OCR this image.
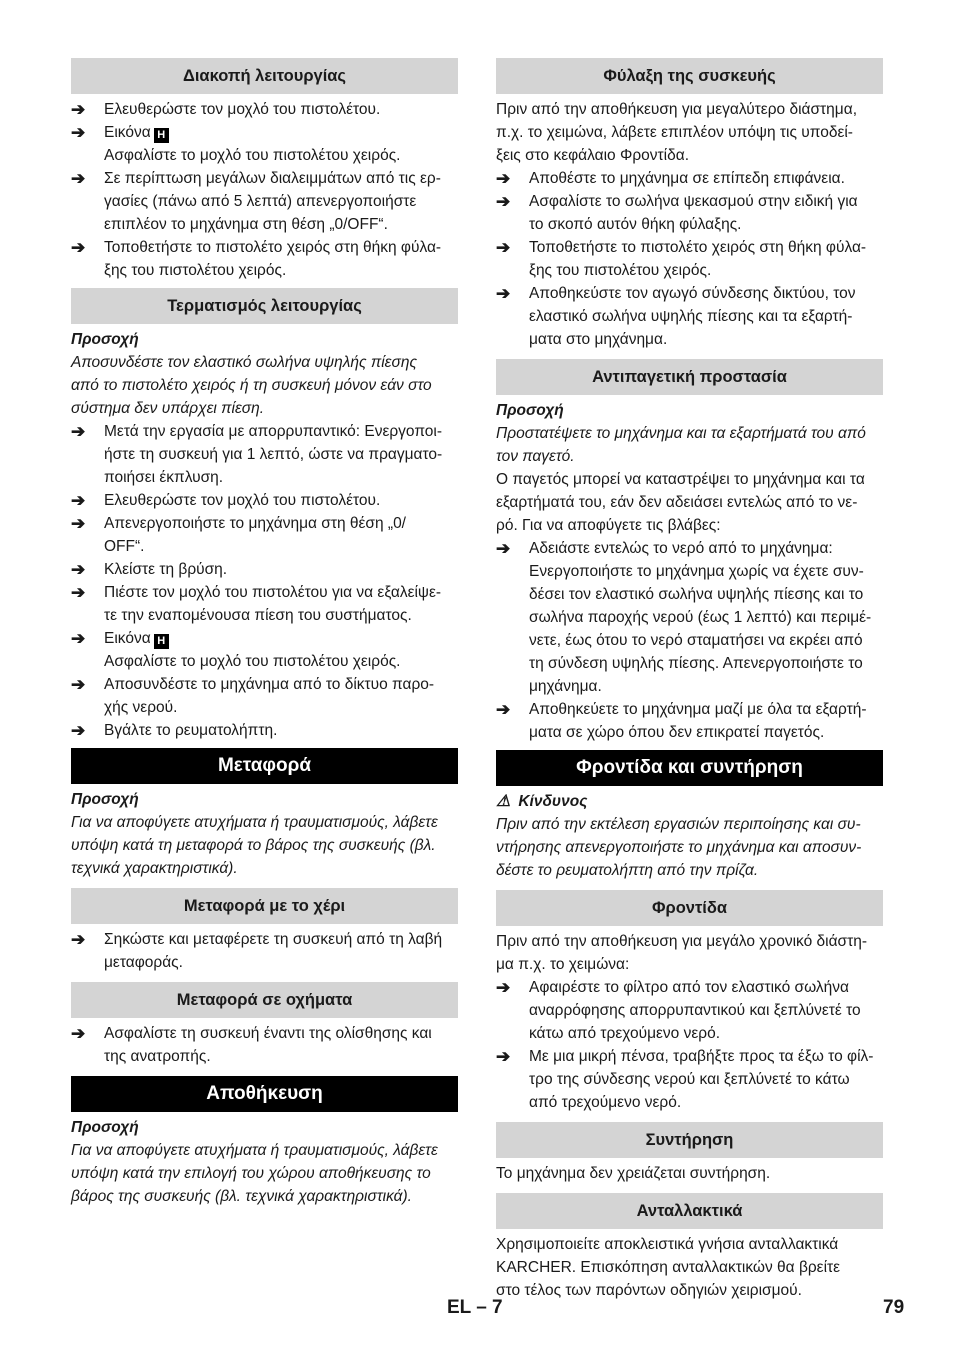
Διακοπή λειτουργίας
➔	Ελευθερώστε τον μοχλό του πιστολέτου.
➔	Εικόνα H
Ασφαλίστε το μοχλό του πιστολέτου χειρός.
➔	Σε περίπτωση μεγάλων διαλειμμάτων από τις ερ-
γασίες (πάνω από 5 λεπτά) απενεργοποιήστε
επιπλέον το μηχάνημα στη θέση „0/OFF“.
➔	Τοποθετήστε το πιστολέτο χειρός στη θήκη φύλα-
ξης του πιστολέτου χειρός.
Τερματισμός λειτουργίας
Προσοχή
Αποσυνδέστε τον ελαστικό σωλήνα υψηλής πίεσης
από το πιστολέτο χειρός ή τη συσκευή μόνον εάν στο
σύστημα δεν υπάρχει πίεση.
➔	Μετά την εργασία με απορρυπαντικό: Ενεργοποι-
ήστε τη συσκευή για 1 λεπτό, ώστε να πραγματο-
ποιήσει έκπλυση.
➔	Ελευθερώστε τον μοχλό του πιστολέτου.
➔	Απενεργοποιήστε το μηχάνημα στη θέση „0/
OFF“.
➔	Κλείστε τη βρύση.
➔	Πιέστε τον μοχλό του πιστολέτου για να εξαλείψε-
τε την εναπομένουσα πίεση του συστήματος.
➔	Εικόνα H
Ασφαλίστε το μοχλό του πιστολέτου χειρός.
➔	Αποσυνδέστε το μηχάνημα από το δίκτυο παρο-
χής νερού.
➔	Βγάλτε το ρευματολήπτη.
Μεταφορά
Προσοχή
Για να αποφύγετε ατυχήματα ή τραυματισμούς, λάβετε
υπόψη κατά τη μεταφορά το βάρος της συσκευής (βλ.
τεχνικά χαρακτηριστικά).
Μεταφορά με το χέρι
➔	Σηκώστε και μεταφέρετε τη συσκευή από τη λαβή
μεταφοράς.
Μεταφορά σε οχήματα
➔	Ασφαλίστε τη συσκευή έναντι της ολίσθησης και
της ανατροπής.
Αποθήκευση
Προσοχή
Για να αποφύγετε ατυχήματα ή τραυματισμούς, λάβετε
υπόψη κατά την επιλογή του χώρου αποθήκευσης το
βάρος της συσκευής (βλ. τεχνικά χαρακτηριστικά).
Φύλαξη της συσκευής
Πριν από την αποθήκευση για μεγαλύτερο διάστημα,
π.χ. το χειμώνα, λάβετε επιπλέον υπόψη τις υποδεί-
ξεις στο κεφάλαιο Φροντίδα.
➔	Αποθέστε το μηχάνημα σε επίπεδη επιφάνεια.
➔	Ασφαλίστε το σωλήνα ψεκασμού στην ειδική για
το σκοπό αυτόν θήκη φύλαξης.
➔	Τοποθετήστε το πιστολέτο χειρός στη θήκη φύλα-
ξης του πιστολέτου χειρός.
➔	Αποθηκεύστε τον αγωγό σύνδεσης δικτύου, τον
ελαστικό σωλήνα υψηλής πίεσης και τα εξαρτή-
ματα στο μηχάνημα.
Αντιπαγετική προστασία
Προσοχή
Προστατέψετε το μηχάνημα και τα εξαρτήματά του από
τον παγετό.
Ο παγετός μπορεί να καταστρέψει το μηχάνημα και τα
εξαρτήματά του, εάν δεν αδειάσει εντελώς από το νε-
ρό. Για να αποφύγετε τις βλάβες:
➔	Αδειάστε εντελώς το νερό από το μηχάνημα:
Ενεργοποιήστε το μηχάνημα χωρίς να έχετε συν-
δέσει τον ελαστικό σωλήνα υψηλής πίεσης και το
σωλήνα παροχής νερού (έως 1 λεπτό) και περιμέ-
νετε, έως ότου το νερό σταματήσει να εκρέει από
τη σύνδεση υψηλής πίεσης. Απενεργοποιήστε το
μηχάνημα.
➔	Αποθηκεύετε το μηχάνημα μαζί με όλα τα εξαρτή-
ματα σε χώρο όπου δεν επικρατεί παγετός.
Φροντίδα και συντήρηση
⚠ Κίνδυνος
Πριν από την εκτέλεση εργασιών περιποίησης και συ-
ντήρησης απενεργοποιήστε το μηχάνημα και αποσυν-
δέστε το ρευματολήπτη από την πρίζα.
Φροντίδα
Πριν από την αποθήκευση για μεγάλο χρονικό διάστη-
μα π.χ. το χειμώνα:
➔	Αφαιρέστε το φίλτρο από τον ελαστικό σωλήνα
αναρρόφησης απορρυπαντικού και ξεπλύνετέ το
κάτω από τρεχούμενο νερό.
➔	Με μια μικρή πένσα, τραβήξτε προς τα έξω το φίλ-
τρο της σύνδεσης νερού και ξεπλύνετέ το κάτω
από τρεχούμενο νερό.
Συντήρηση
Το μηχάνημα δεν χρειάζεται συντήρηση.
Ανταλλακτικά
Χρησιμοποιείτε αποκλειστικά γνήσια ανταλλακτικά
KARCHER. Επισκόπηση ανταλλακτικών θα βρείτε
στο τέλος των παρόντων οδηγιών χειρισμού.
EL – 7	79
